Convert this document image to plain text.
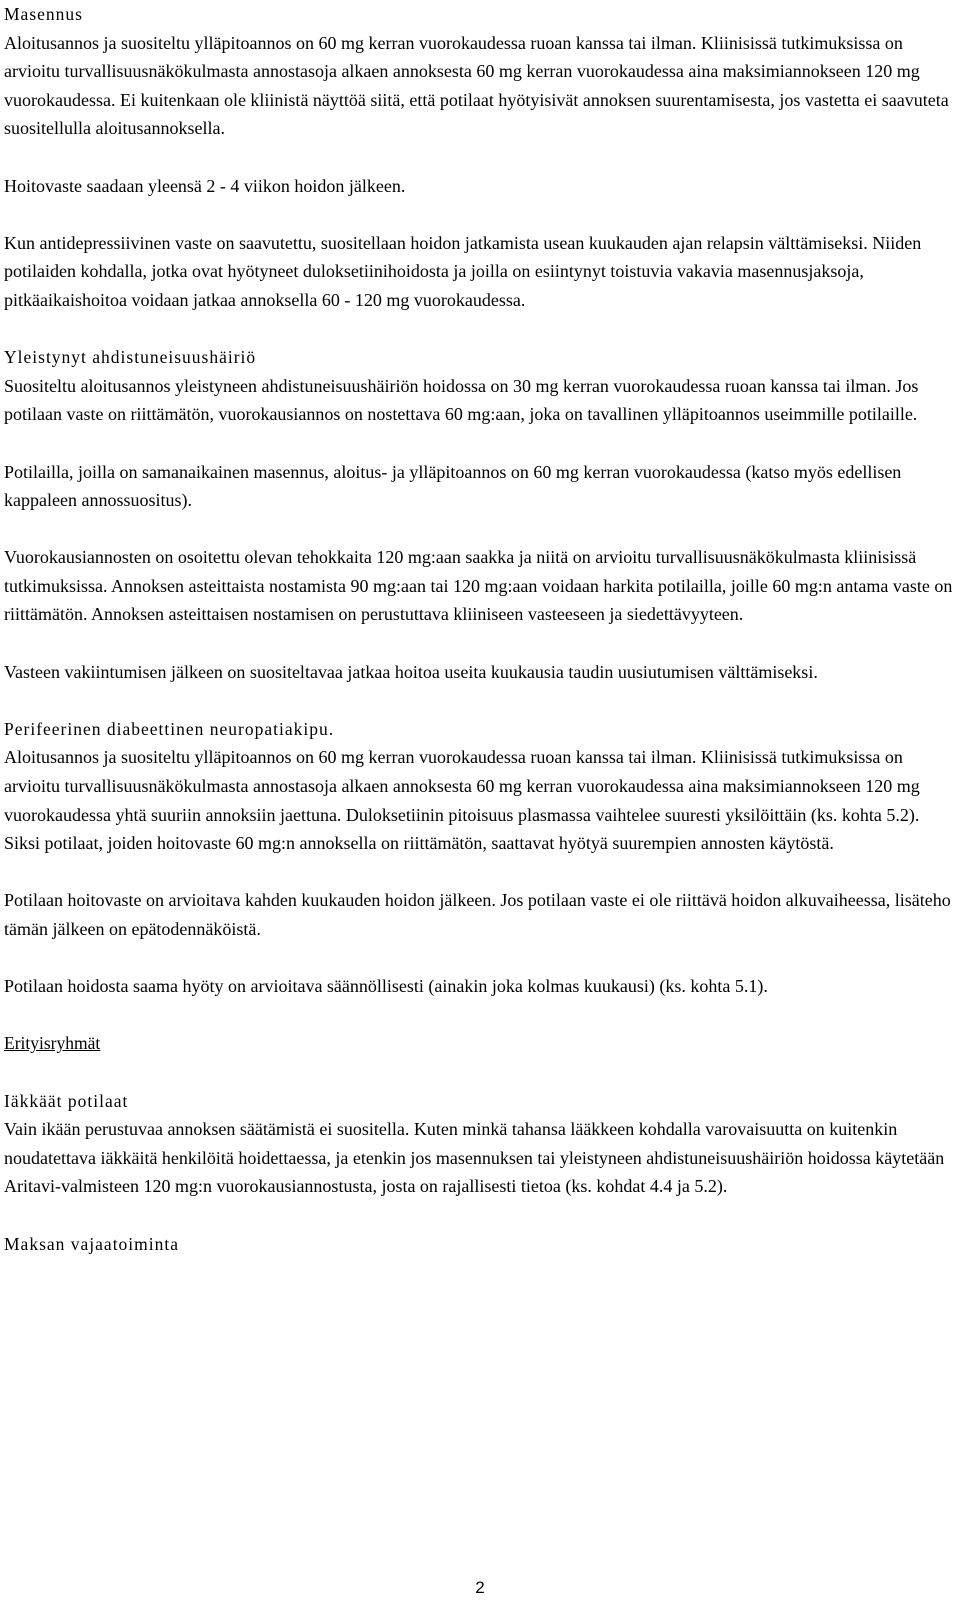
Masennus

Aloitusannos ja suositeltu ylläpitoannos on 60 mg kerran vuorokaudessa ruoan kanssa tai ilman. Kliinisissä tutkimuksissa on arvioitu turvallisuusnäkökulmasta annostasoja alkaen annoksesta 60 mg kerran vuorokaudessa aina maksimiannokseen 120 mg vuorokaudessa. Ei kuitenkaan ole kliinistä näyttöä siitä, että potilaat hyötyisivät annoksen suurentamisesta, jos vastetta ei saavuteta suositellulla aloitusannoksella.

Hoitovaste saadaan yleensä 2 - 4 viikon hoidon jälkeen.

Kun antidepressiivinen vaste on saavutettu, suositellaan hoidon jatkamista usean kuukauden ajan relapsin välttämiseksi. Niiden potilaiden kohdalla, jotka ovat hyötyneet duloksetiinihoidosta ja joilla on esiintynyt toistuvia vakavia masennusjaksoja, pitkäaikaishoitoa voidaan jatkaa annoksella 60 - 120 mg vuorokaudessa.

Yleistynyt ahdistuneisuushäiriö

Suositeltu aloitusannos yleistyneen ahdistuneisuushäiriön hoidossa on 30 mg kerran vuorokaudessa ruoan kanssa tai ilman. Jos potilaan vaste on riittämätön, vuorokausiannos on nostettava 60 mg:aan, joka on tavallinen ylläpitoannos useimmille potilaille.

Potilailla, joilla on samanaikainen masennus, aloitus- ja ylläpitoannos on 60 mg kerran vuorokaudessa (katso myös edellisen kappaleen annossuositus).

Vuorokausiannosten on osoitettu olevan tehokkaita 120 mg:aan saakka ja niitä on arvioitu turvallisuusnäkökulmasta kliinisissä tutkimuksissa. Annoksen asteittaista nostamista 90 mg:aan tai 120 mg:aan voidaan harkita potilailla, joille 60 mg:n antama vaste on riittämätön. Annoksen asteittaisen nostamisen on perustuttava kliiniseen vasteeseen ja siedettävyyteen.

Vasteen vakiintumisen jälkeen on suositeltavaa jatkaa hoitoa useita kuukausia taudin uusiutumisen välttämiseksi.

Perifeerinen diabeettinen neuropatiakipu.

Aloitusannos ja suositeltu ylläpitoannos on 60 mg kerran vuorokaudessa ruoan kanssa tai ilman. Kliinisissä tutkimuksissa on arvioitu turvallisuusnäkökulmasta annostasoja alkaen annoksesta 60 mg kerran vuorokaudessa aina maksimiannokseen 120 mg vuorokaudessa yhtä suuriin annoksiin jaettuna. Duloksetiinin pitoisuus plasmassa vaihtelee suuresti yksilöittäin (ks. kohta 5.2). Siksi potilaat, joiden hoitovaste 60 mg:n annoksella on riittämätön, saattavat hyötyä suurempien annosten käytöstä.

Potilaan hoitovaste on arvioitava kahden kuukauden hoidon jälkeen. Jos potilaan vaste ei ole riittävä hoidon alkuvaiheessa, lisäteho tämän jälkeen on epätodennäköistä.

Potilaan hoidosta saama hyöty on arvioitava säännöllisesti (ainakin joka kolmas kuukausi) (ks. kohta 5.1).

Erityisryhmät
Iäkkäät potilaat

Vain ikään perustuvaa annoksen säätämistä ei suositella. Kuten minkä tahansa lääkkeen kohdalla varovaisuutta on kuitenkin noudatettava iäkkäitä henkilöitä hoidettaessa, ja etenkin jos masennuksen tai yleistyneen ahdistuneisuushäiriön hoidossa käytetään Aritavi-valmisteen 120 mg:n vuorokausiannostusta, josta on rajallisesti tietoa (ks. kohdat 4.4 ja 5.2).

Maksan vajaatoiminta
2
